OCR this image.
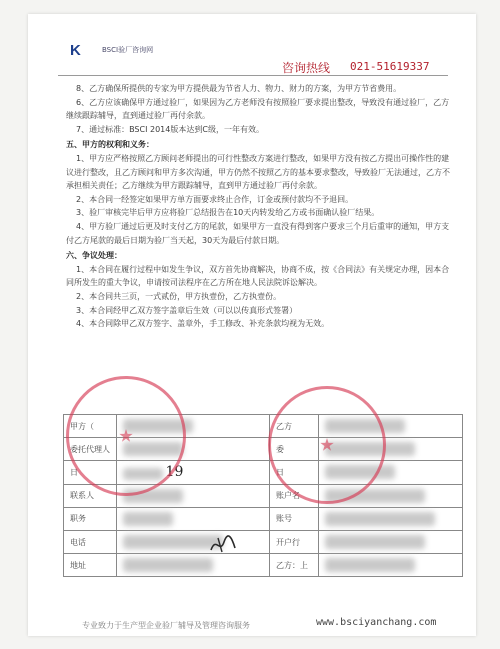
K	BSCI验厂咨询网
咨询热线 021-51619337

8、乙方确保所提供的专家为甲方提供最为节省人力、物力、财力的方案，为甲方节省费用。

6、乙方应该确保甲方通过验厂，如果因为乙方老师没有按照验厂要求提出整改，导致没有通过验厂，乙方继续跟踪辅导，直到通过验厂再付余款。

7、通过标准：BSCI 2014版本达到C级，一年有效。

五、甲方的权利和义务：

1、甲方应严格按照乙方顾问老师提出的可行性整改方案进行整改，如果甲方没有按乙方提出可操作性的建议进行整改，且乙方顾问和甲方多次沟通，甲方仍然不按照乙方的基本要求整改，导致验厂无法通过，乙方不承担相关责任；乙方继续为甲方跟踪辅导，直到甲方通过验厂再付余款。

2、本合同一经签定如果甲方单方面要求终止合作，订金或预付款均不予退回。

3、验厂审核完毕后甲方应将验厂总结报告在10天内转发给乙方或书面确认验厂结果。

4、甲方验厂通过后更及时支付乙方的尾款，如果甲方一直没有得到客户要求三个月后重审的通知，甲方支付乙方尾款的最后日期为验厂当天起，30天为最后付款日期。

六、争议处理：

1、本合同在履行过程中如发生争议，双方首先协商解决，协商不成，按《合同法》有关规定办理，因本合同所发生的重大争议，申请按司法程序在乙方所在地人民法院诉讼解决。

2、本合同共三页，一式贰份，甲方执壹份，乙方执壹份。

3、本合同经甲乙双方签字盖章后生效（可以以传真形式签署）

4、本合同除甲乙双方签字、盖章外，手工修改、补充条款均视为无效。

甲方（		乙方	
委托代理人		委	
日	19	日	
联系人		账户名	
职务		账号	
电话		开户行	
地址		乙方：上	
专业致力于生产型企业验厂辅导及管理咨询服务	www.bsciyanchang.com
